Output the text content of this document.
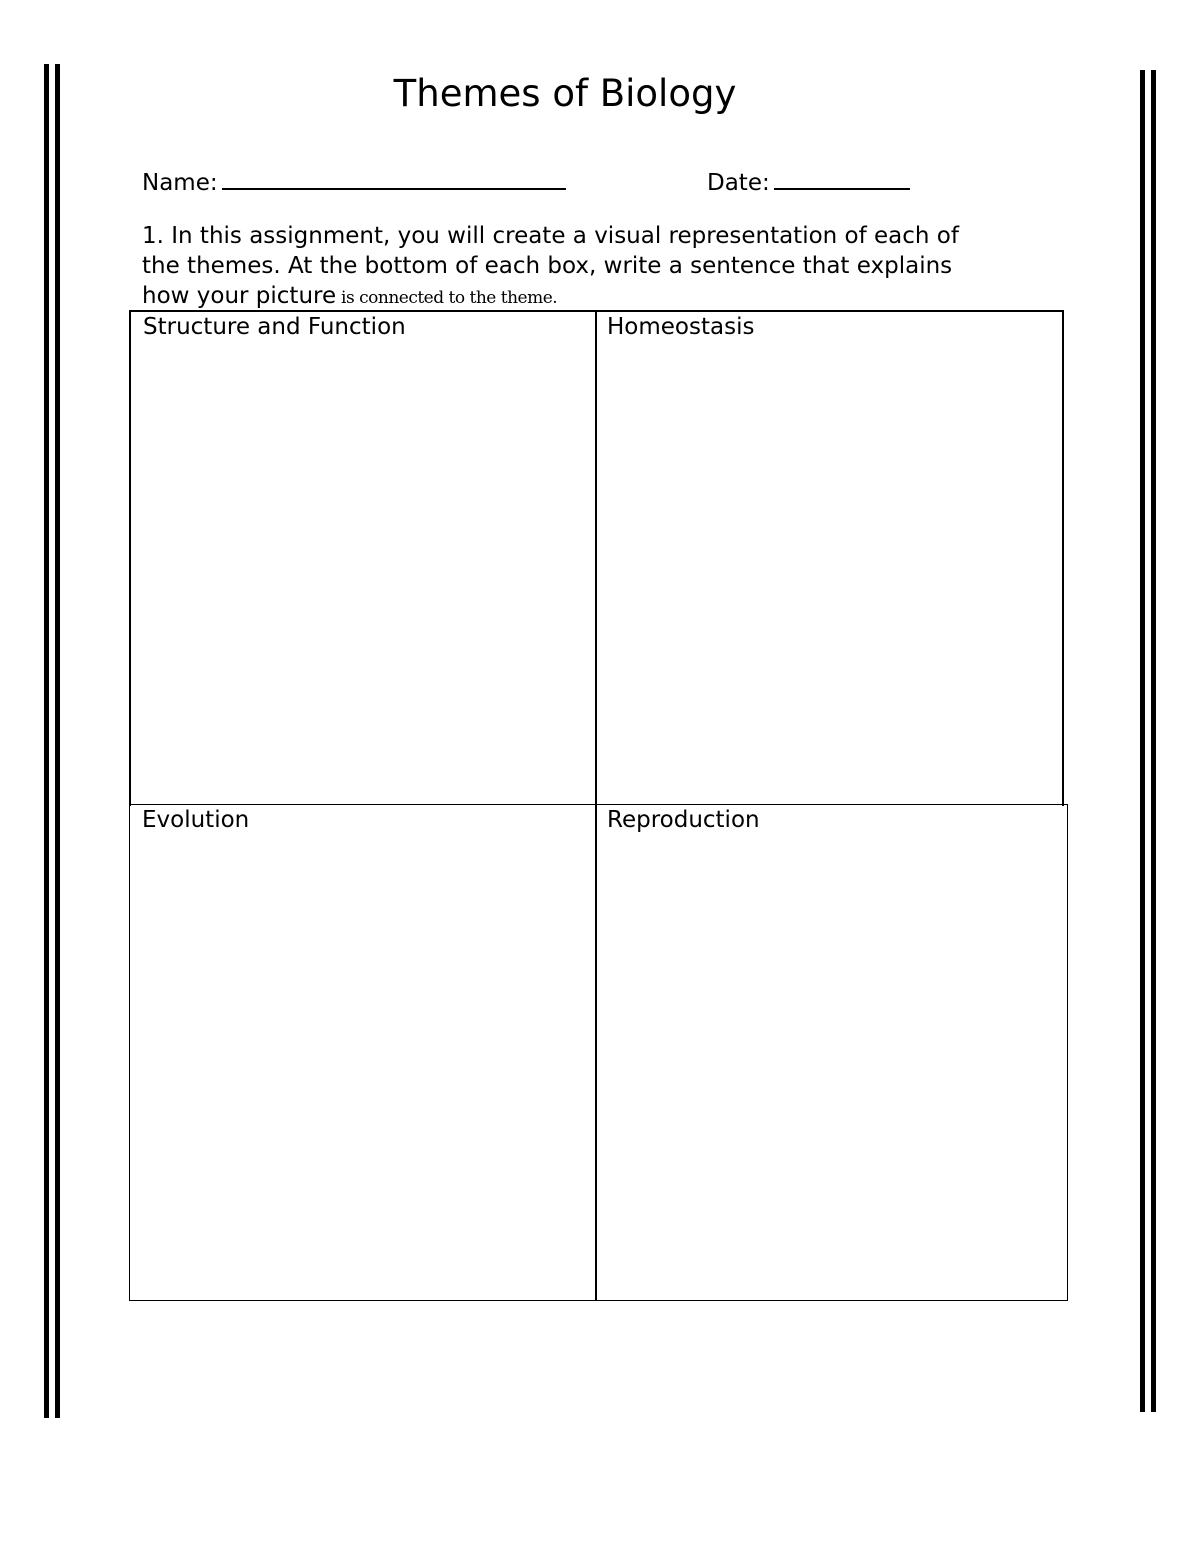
Themes of Biology
Name:	Date:
1. In this assignment, you will create a visual representation of each of
the themes. At the bottom of each box, write a sentence that explains
how your picture is connected to the theme.
Structure and Function	Homeostasis
Evolution	Reproduction
